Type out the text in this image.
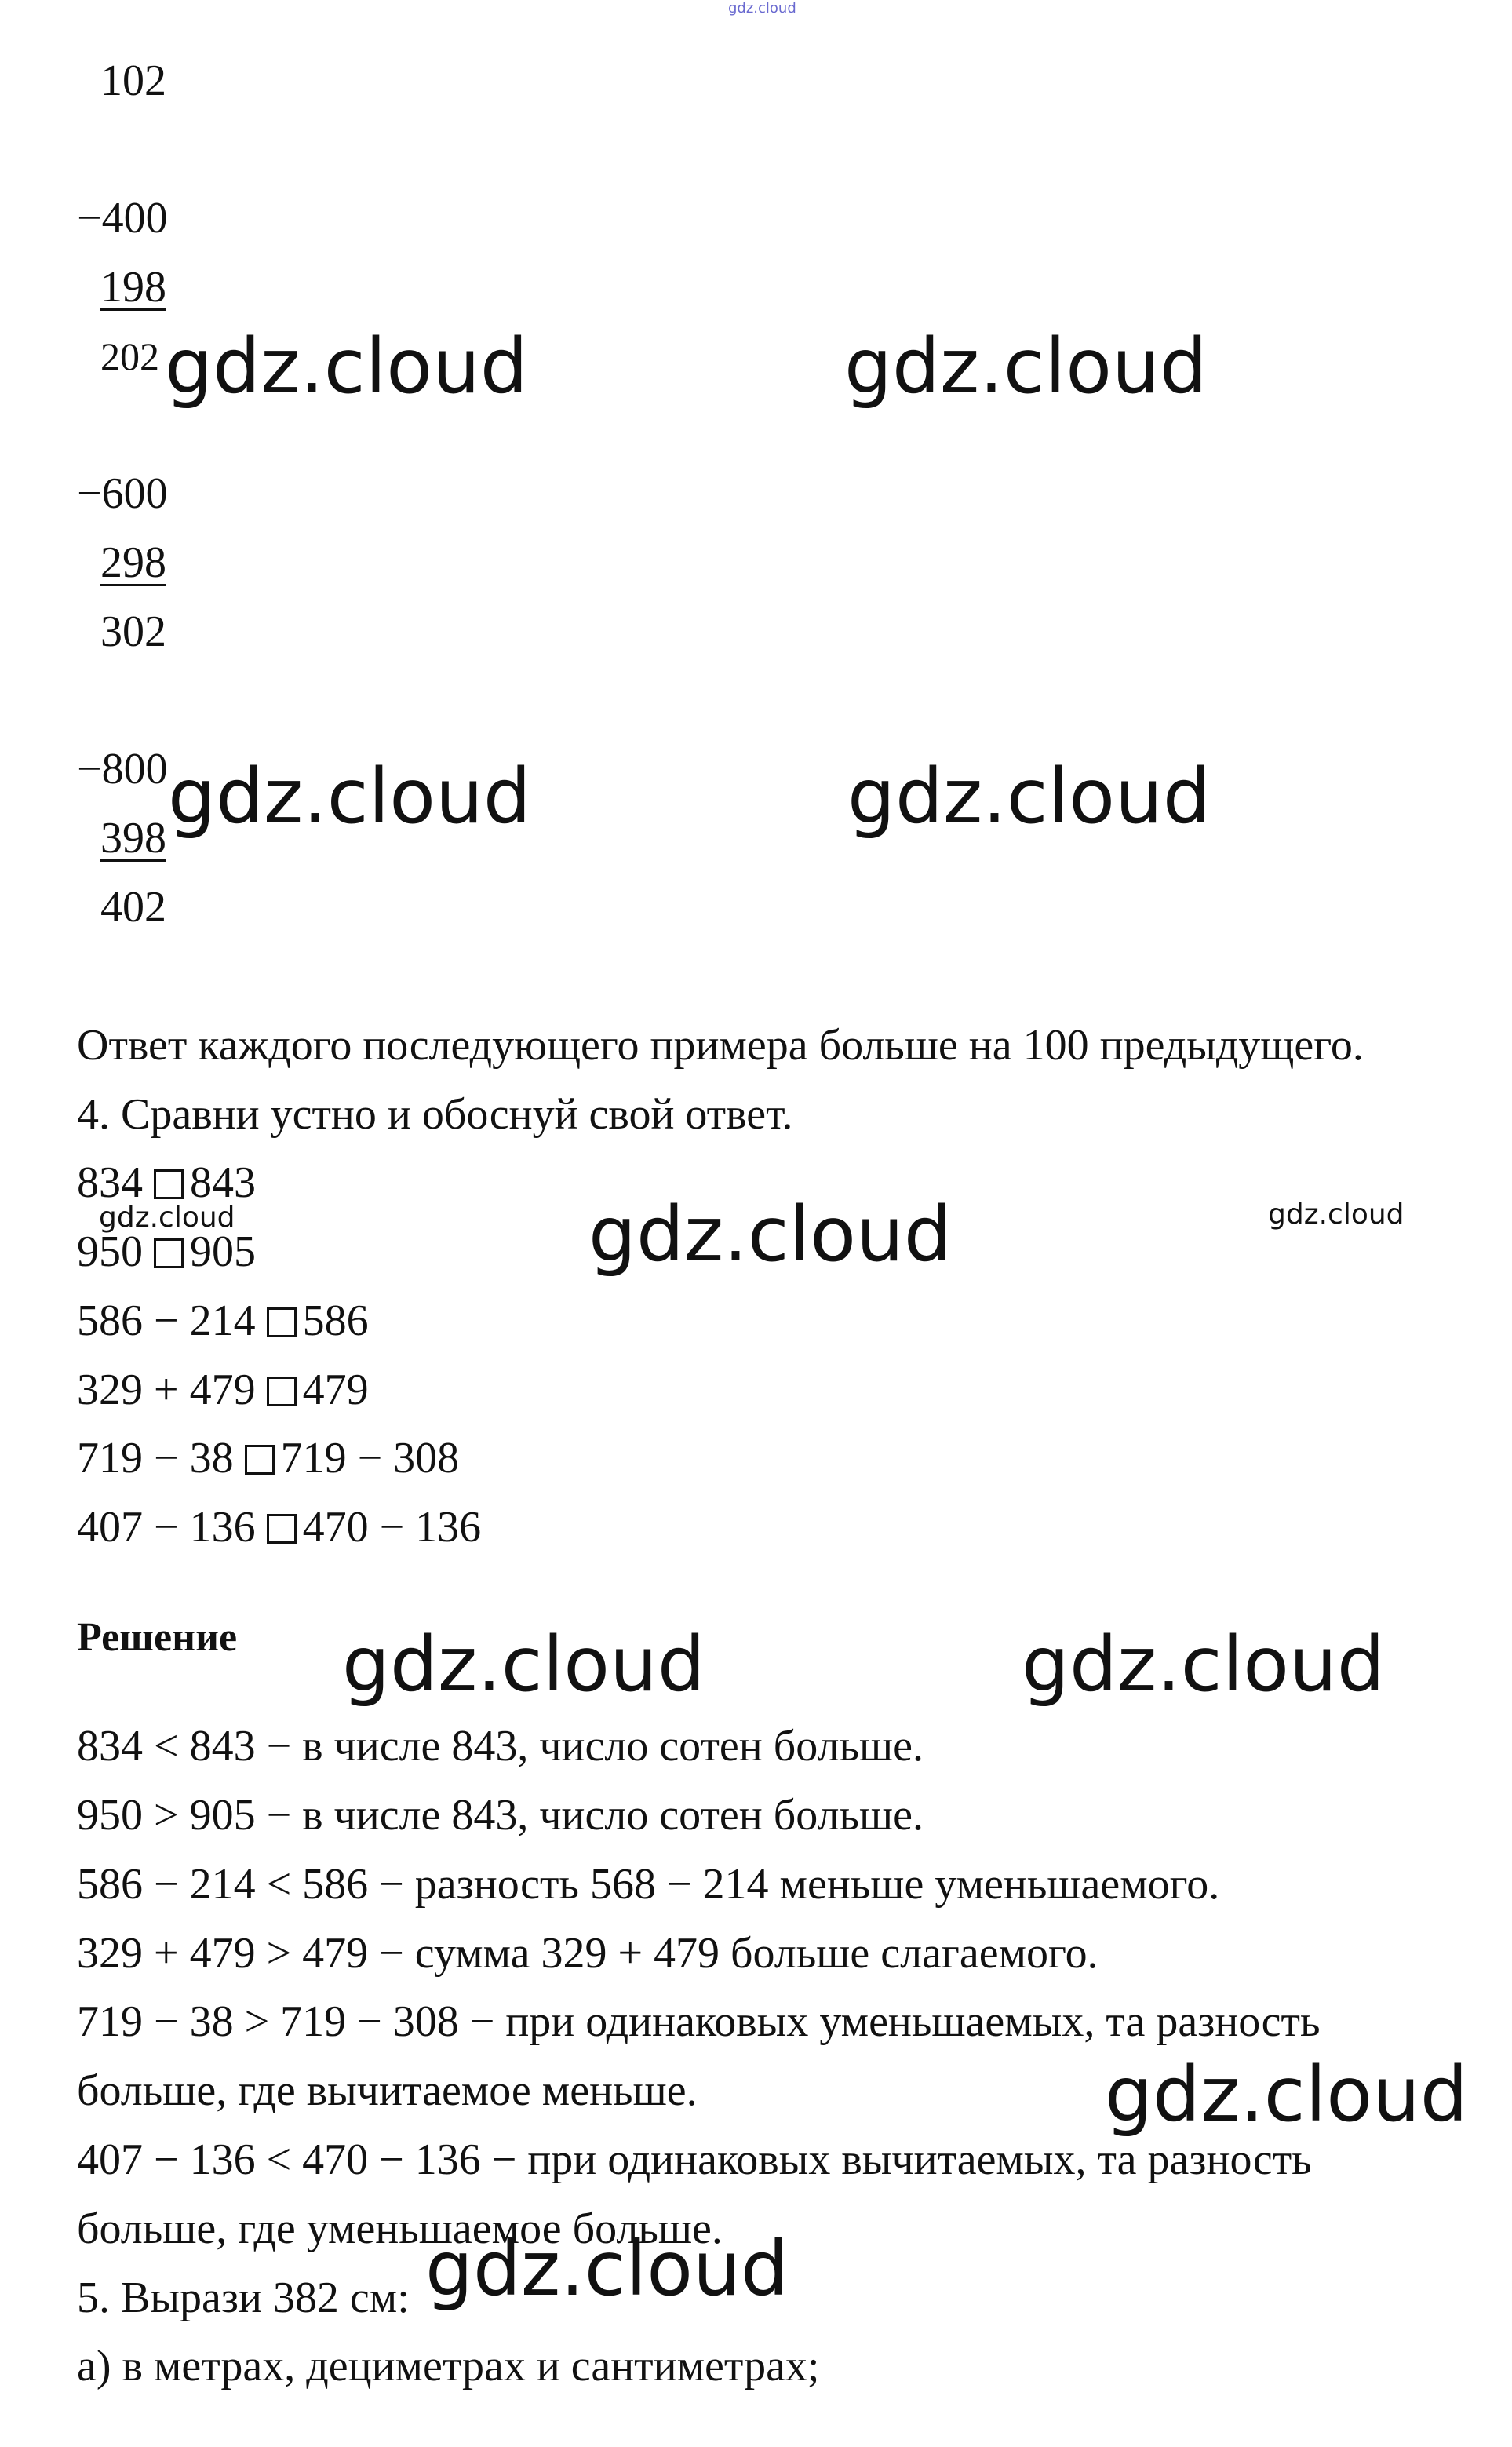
gdz.cloud
102
−400
198
202
−600
298
302
−800
398
402
Ответ каждого последующего примера больше на 100 предыдущего.
4. Сравни устно и обоснуй свой ответ.
834 843
950 905
586 − 214 586
329 + 479 479
719 − 38 719 − 308
407 − 136 470 − 136
Решение
834 < 843 − в числе 843, число сотен больше.
950 > 905 − в числе 843, число сотен больше.
586 − 214 < 586 − разность 568 − 214 меньше уменьшаемого.
329 + 479 > 479 − сумма 329 + 479 больше слагаемого.
719 − 38 > 719 − 308 − при одинаковых уменьшаемых, та разность
больше, где вычитаемое меньше.
407 − 136 < 470 − 136 − при одинаковых вычитаемых, та разность
больше, где уменьшаемое больше.
5. Вырази 382 см:
а) в метрах, дециметрах и сантиметрах;
gdz.cloud	gdz.cloud
gdz.cloud	gdz.cloud
gdz.cloud	gdz.cloud	gdz.cloud
gdz.cloud	gdz.cloud
gdz.cloud
gdz.cloud
